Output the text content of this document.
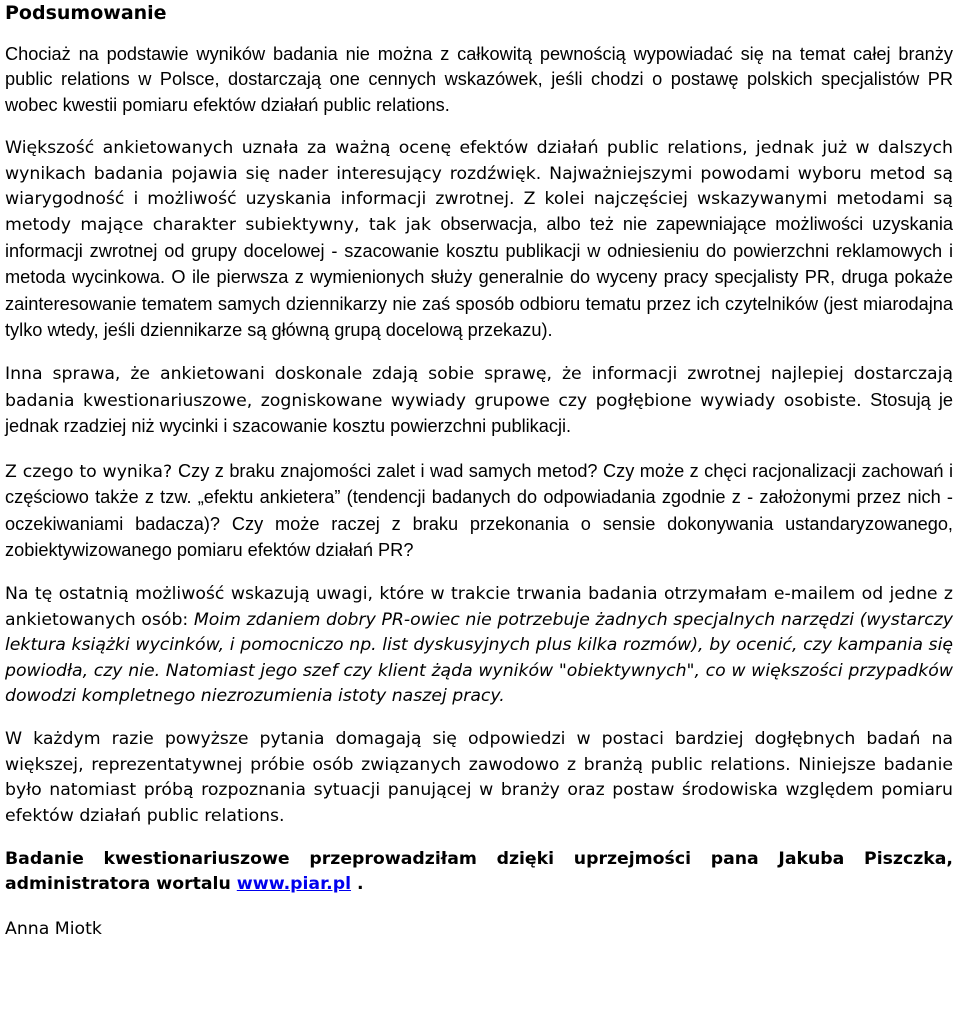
Podsumowanie

Chociaż na podstawie wyników badania nie można z całkowitą pewnością wypowiadać się na temat całej branży public relations w Polsce, dostarczają one cennych wskazówek, jeśli chodzi o postawę polskich specjalistów PR wobec kwestii pomiaru efektów działań public relations.

Większość ankietowanych uznała za ważną ocenę efektów działań public relations, jednak już w dalszych wynikach badania pojawia się nader interesujący rozdźwięk. Najważniejszymi powodami wyboru metod są wiarygodność i możliwość uzyskania informacji zwrotnej. Z kolei najczęściej wskazywanymi metodami są metody mające charakter subiektywny, tak jak obserwacja, albo też nie zapewniające możliwości uzyskania informacji zwrotnej od grupy docelowej - szacowanie kosztu publikacji w odniesieniu do powierzchni reklamowych i metoda wycinkowa. O ile pierwsza z wymienionych służy generalnie do wyceny pracy specjalisty PR, druga pokaże zainteresowanie tematem samych dziennikarzy nie zaś sposób odbioru tematu przez ich czytelników (jest miarodajna tylko wtedy, jeśli dziennikarze są główną grupą docelową przekazu).

Inna sprawa, że ankietowani doskonale zdają sobie sprawę, że informacji zwrotnej najlepiej dostarczają badania kwestionariuszowe, zogniskowane wywiady grupowe czy pogłębione wywiady osobiste. Stosują je jednak rzadziej niż wycinki i szacowanie kosztu powierzchni publikacji.

Z czego to wynika? Czy z braku znajomości zalet i wad samych metod? Czy może z chęci racjonalizacji zachowań i częściowo także z tzw. „efektu ankietera” (tendencji badanych do odpowiadania zgodnie z - założonymi przez nich - oczekiwaniami badacza)? Czy może raczej z braku przekonania o sensie dokonywania ustandaryzowanego, zobiektywizowanego pomiaru efektów działań PR?

Na tę ostatnią możliwość wskazują uwagi, które w trakcie trwania badania otrzymałam e-mailem od jedne z ankietowanych osób: Moim zdaniem dobry PR-owiec nie potrzebuje żadnych specjalnych narzędzi (wystarczy lektura książki wycinków, i pomocniczo np. list dyskusyjnych plus kilka rozmów), by ocenić, czy kampania się powiodła, czy nie. Natomiast jego szef czy klient żąda wyników "obiektywnych", co w większości przypadków dowodzi kompletnego niezrozumienia istoty naszej pracy.

W każdym razie powyższe pytania domagają się odpowiedzi w postaci bardziej dogłębnych badań na większej, reprezentatywnej próbie osób związanych zawodowo z branżą public relations. Niniejsze badanie było natomiast próbą rozpoznania sytuacji panującej w branży oraz postaw środowiska względem pomiaru efektów działań public relations.

Badanie kwestionariuszowe przeprowadziłam dzięki uprzejmości pana Jakuba Piszczka, administratora wortalu www.piar.pl .

Anna Miotk
